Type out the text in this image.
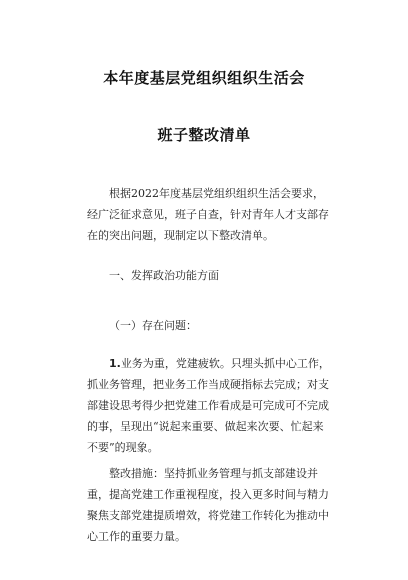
本年度基层党组织组织生活会
班子整改清单

根据2022年度基层党组织组织生活会要求，经广泛征求意见，班子自查，针对青年人才支部存在的突出问题，现制定以下整改清单。

一、发挥政治功能方面

（一）存在问题：

1.业务为重，党建疲软。只埋头抓中心工作，抓业务管理，把业务工作当成硬指标去完成；对支部建设思考得少把党建工作看成是可完成可不完成的事，呈现出“说起来重要、做起来次要、忙起来不要”的现象。

整改措施：坚持抓业务管理与抓支部建设并重，提高党建工作重视程度，投入更多时间与精力聚焦支部党建提质增效，将党建工作转化为推动中心工作的重要力量。
